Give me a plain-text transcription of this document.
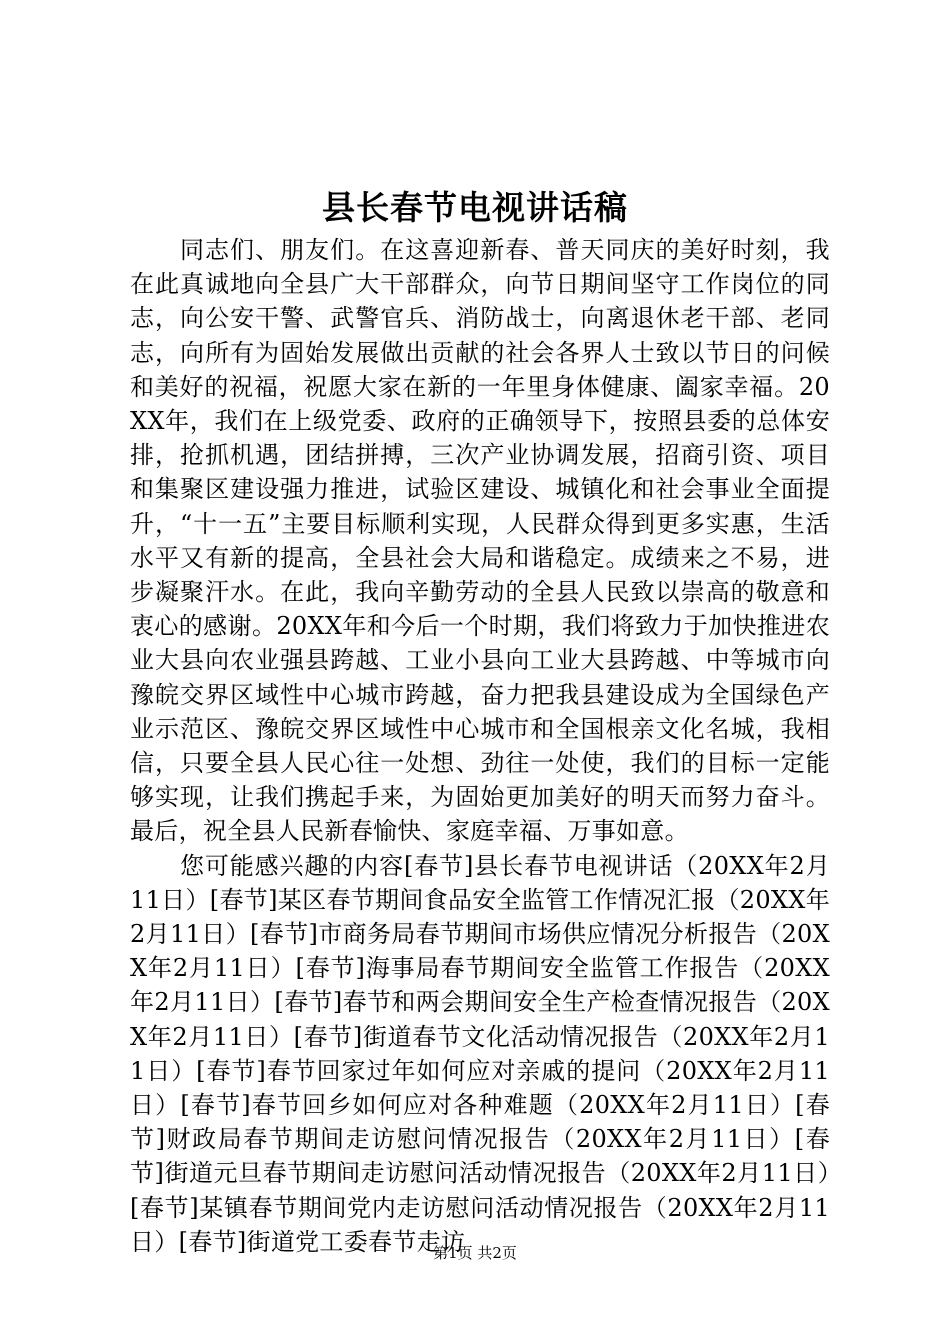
县长春节电视讲话稿

同志们、朋友们。在这喜迎新春、普天同庆的美好时刻，我在此真诚地向全县广大干部群众，向节日期间坚守工作岗位的同志，向公安干警、武警官兵、消防战士，向离退休老干部、老同志，向所有为固始发展做出贡献的社会各界人士致以节日的问候和美好的祝福，祝愿大家在新的一年里身体健康、阖家幸福。20XX年，我们在上级党委、政府的正确领导下，按照县委的总体安排，抢抓机遇，团结拼搏，三次产业协调发展，招商引资、项目和集聚区建设强力推进，试验区建设、城镇化和社会事业全面提升，“十一五”主要目标顺利实现，人民群众得到更多实惠，生活水平又有新的提高，全县社会大局和谐稳定。成绩来之不易，进步凝聚汗水。在此，我向辛勤劳动的全县人民致以崇高的敬意和衷心的感谢。20XX年和今后一个时期，我们将致力于加快推进农业大县向农业强县跨越、工业小县向工业大县跨越、中等城市向豫皖交界区域性中心城市跨越，奋力把我县建设成为全国绿色产业示范区、豫皖交界区域性中心城市和全国根亲文化名城，我相信，只要全县人民心往一处想、劲往一处使，我们的目标一定能够实现，让我们携起手来，为固始更加美好的明天而努力奋斗。最后，祝全县人民新春愉快、家庭幸福、万事如意。

您可能感兴趣的内容[春节]县长春节电视讲话（20XX年2月11日）[春节]某区春节期间食品安全监管工作情况汇报（20XX年2月11日）[春节]市商务局春节期间市场供应情况分析报告（20XX年2月11日）[春节]海事局春节期间安全监管工作报告（20XX年2月11日）[春节]春节和两会期间安全生产检查情况报告（20XX年2月11日）[春节]街道春节文化活动情况报告（20XX年2月11日）[春节]春节回家过年如何应对亲戚的提问（20XX年2月11日）[春节]春节回乡如何应对各种难题（20XX年2月11日）[春节]财政局春节期间走访慰问情况报告（20XX年2月11日）[春节]街道元旦春节期间走访慰问活动情况报告（20XX年2月11日）[春节]某镇春节期间党内走访慰问活动情况报告（20XX年2月11日）[春节]街道党工委春节走访

第1页 共2页
